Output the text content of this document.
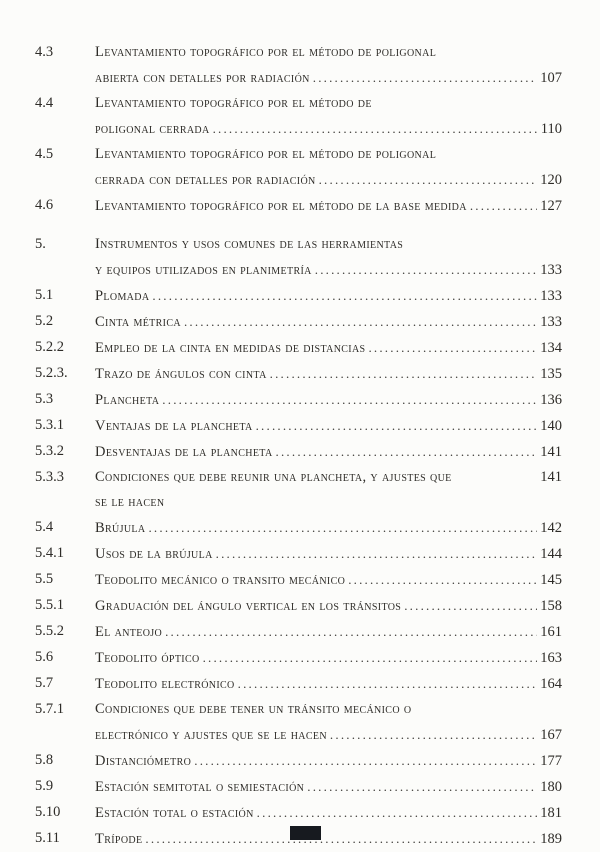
4.3	Levantamiento topográfico por el método de poligonal
abierta con detalles por radiación .....	107
4.4	Levantamiento topográfico por el método de
poligonal cerrada .....	110
4.5	Levantamiento topográfico por el método de poligonal
cerrada con detalles por radiación .....	120
4.6	Levantamiento topográfico por el método de la base medida .....	127
5.	Instrumentos y usos comunes de las herramientas
y equipos utilizados en planimetría .....	133
5.1	Plomada .....	133
5.2	Cinta métrica .....	133
5.2.2	Empleo de la cinta en medidas de distancias .....	134
5.2.3.	Trazo de ángulos con cinta .....	135
5.3	Plancheta .....	136
5.3.1	Ventajas de la plancheta .....	140
5.3.2	Desventajas de la plancheta .....	141
5.3.3	Condiciones que debe reunir una plancheta, y ajustes que	141
se le hacen
5.4	Brújula .....	142
5.4.1	Usos de la brújula .....	144
5.5	Teodolito mecánico o transito mecánico .....	145
5.5.1	Graduación del ángulo vertical en los tránsitos .....	158
5.5.2	El anteojo .....	161
5.6	Teodolito óptico .....	163
5.7	Teodolito electrónico .....	164
5.7.1	Condiciones que debe tener un tránsito mecánico o
electrónico y ajustes que se le hacen .....	167
5.8	Distanciómetro .....	177
5.9	Estación semitotal o semiestación .....	180
5.10	Estación total o estación .....	181
5.11	Trípode .....	189
